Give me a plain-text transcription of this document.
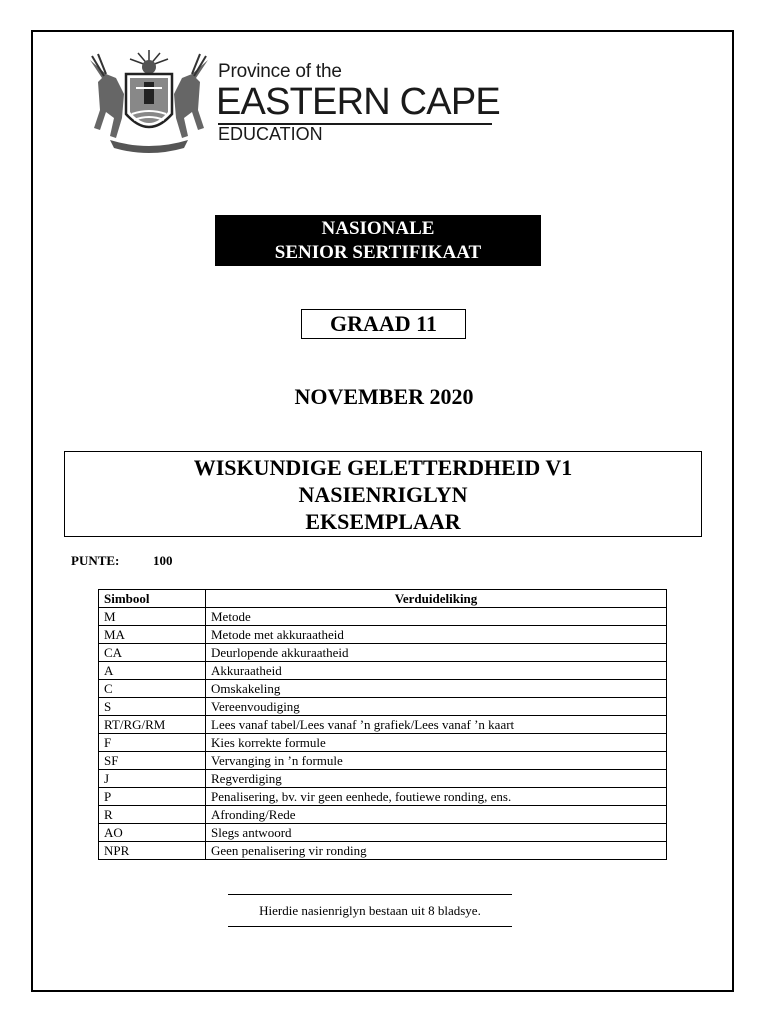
Province of the
EASTERN CAPE
EDUCATION
NASIONALE
SENIOR SERTIFIKAAT
GRAAD 11
NOVEMBER 2020
WISKUNDIGE GELETTERDHEID V1
NASIENRIGLYN
EKSEMPLAAR
PUNTE:	100
Simbool	Verduideliking
M	Metode
MA	Metode met akkuraatheid
CA	Deurlopende akkuraatheid
A	Akkuraatheid
C	Omskakeling
S	Vereenvoudiging
RT/RG/RM	Lees vanaf tabel/Lees vanaf ’n grafiek/Lees vanaf ’n kaart
F	Kies korrekte formule
SF	Vervanging in ’n formule
J	Regverdiging
P	Penalisering, bv. vir geen eenhede, foutiewe ronding, ens.
R	Afronding/Rede
AO	Slegs antwoord
NPR	Geen penalisering vir ronding
Hierdie nasienriglyn bestaan uit 8 bladsye.
